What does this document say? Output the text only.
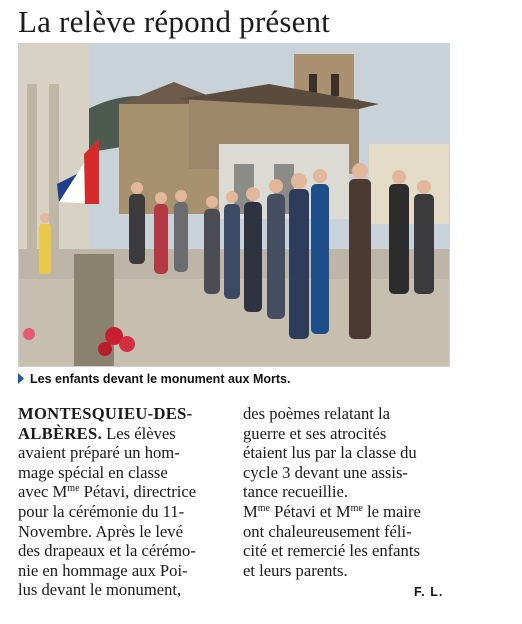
La relève répond présent
Les enfants devant le monument aux Morts.
MONTESQUIEU-DES-
ALBÈRES. Les élèves
avaient préparé un hom-
mage spécial en classe
avec $M^{me}$ Pétavi, directrice
pour la cérémonie du 11-
Novembre. Après le levé
des drapeaux et la cérémo-
nie en hommage aux Poi-
lus devant le monument,
des poèmes relatant la
guerre et ses atrocités
étaient lus par la classe du
cycle 3 devant une assis-
tance recueillie.
$M^{me}$ Pétavi et $M^{me}$ le maire
ont chaleureusement féli-
cité et remercié les enfants
et leurs parents.
F. L.
